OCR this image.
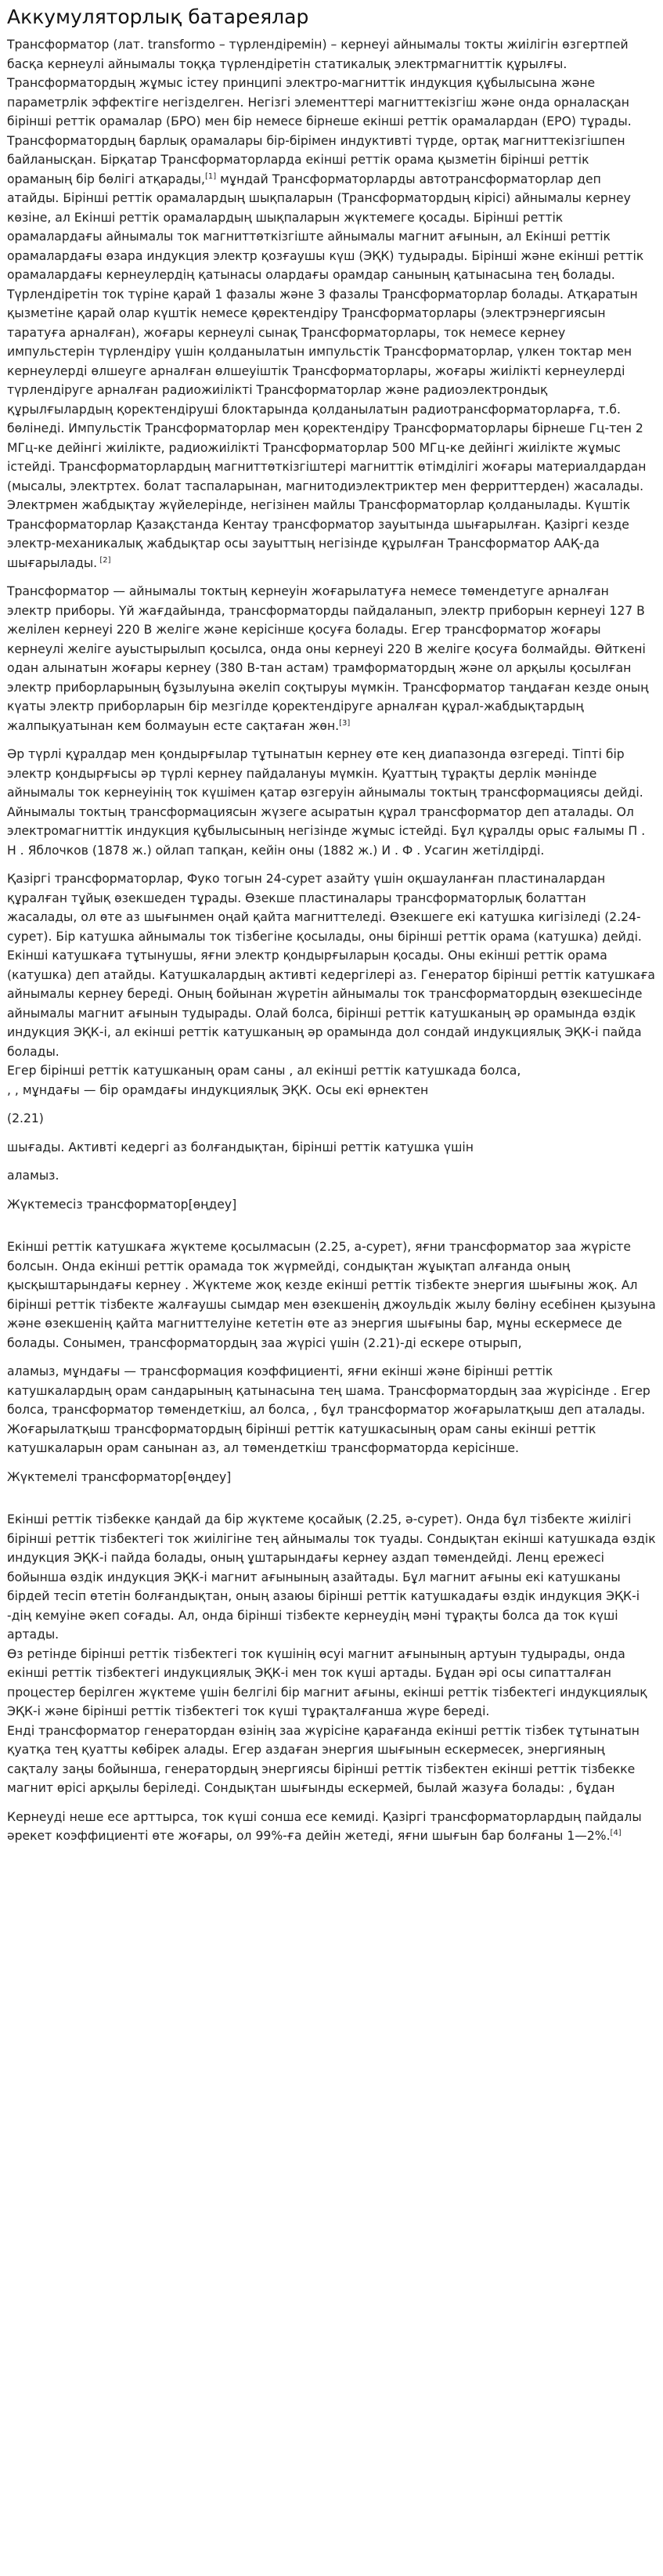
Аккумуляторлық батареялар

Трансформатор (лат. transformo – түрлендіремін) – кернеуі айнымалы токты жиілігін өзгертпей басқа кернеулі айнымалы тоққа түрлендіретін статикалық электрмагниттік құрылғы. Трансформатордың жұмыс істеу принципі электро-магниттік индукция құбылысына және параметрлік эффектіге негізделген. Негізгі элементтері магниттекізгіш және онда орналасқан бірінші реттік орамалар (БРО) мен бір немесе бірнеше екінші реттік орамалардан (ЕРО) тұрады. Трансформатордың барлық орамалары бір-бірімен индуктивті түрде, ортақ магниттекізгішпен байланысқан. Бірқатар Трансформаторларда екінші реттік орама қызметін бірінші реттік ораманың бір бөлігі атқарады,[1] мұндай Трансформаторларды автотрансформаторлар деп атайды. Бірінші реттік орамалардың шықпаларын (Трансформатордың кірісі) айнымалы кернеу көзіне, ал Екінші реттік орамалардың шықпаларын жүктемеге қосады. Бірінші реттік орамалардағы айнымалы ток магниттөткізгіште айнымалы магнит ағынын, ал Екінші реттік орамалардағы өзара индукция электр қозғаушы күш (ЭҚК) тудырады. Бірінші және екінші реттік орамалардағы кернеулердің қатынасы олардағы орамдар санының қатынасына тең болады. Түрлендіретін ток түріне қарай 1 фазалы және 3 фазалы Трансформаторлар болады. Атқаратын қызметіне қарай олар күштік немесе қөректендіру Трансформаторлары (электрэнергиясын таратуға арналған), жоғары кернеулі сынақ Трансформаторлары, ток немесе кернеу импульстерін түрлендіру үшін қолданылатын импульстік Трансформаторлар, үлкен токтар мен кернеулерді өлшеуге арналған өлшеуіштік Трансформаторлары, жоғары жиілікті кернеулерді түрлендіруге арналған радиожиілікті Трансформаторлар және радиоэлектрондық құрылғылардың қоректендіруші блоктарында қолданылатын радиотрансформаторларға, т.б. бөлінеді. Импульстік Трансформаторлар мен қоректендіру Трансформаторлары бірнеше Гц-тен 2 МГц-ке дейінгі жиілікте, радиожиілікті Трансформаторлар 500 МГц-ке дейінгі жиілікте жұмыс істейді. Трансформаторлардың магниттөткізгіштері магниттік өтімділігі жоғары материалдардан (мысалы, электртех. болат таспаларынан, магнитодиэлектриктер мен ферриттерден) жасалады. Электрмен жабдықтау жүйелерінде, негізінен майлы Трансформаторлар қолданылады. Күштік Трансформаторлар Қазақстанда Кентау трансформатор зауытында шығарылған. Қазіргі кезде электр-механикалық жабдықтар осы зауыттың негізінде құрылған Трансформатор ААҚ-да шығарылады. [2]

Трансформатор — айнымалы токтың кернеуін жоғарылатуға немесе төмендетуге арналған электр приборы. Үй жағдайында, трансформаторды пайдаланып, электр приборын кернеуі 127 В желілен кернеуі 220 В желіге және керісінше қосуға болады. Егер трансформатор жоғары кернеулі желіге ауыстырылып қосылса, онда оны кернеуі 220 В желіге қосуға болмайды. Өйткені одан алынатын жоғары кернеу (380 В-тан астам) трамформатордың және ол арқылы қосылған электр приборларының бұзылуына әкеліп соқтыруы мүмкін. Трансформатор таңдаған кезде оның күаты электр приборларын бір мезгілде қоректендіруге арналған құрал-жабдықтардың жалпықуатынан кем болмауын есте сақтаған жөн.[3]

Әр түрлі құралдар мен қондырғылар тұтынатын кернеу өте кең диапазонда өзгереді. Тіпті бір электр қондырғысы әр түрлі кернеу пайдалануы мүмкін. Қуаттың тұрақты дерлік мәнінде айнымалы ток кернеуінің ток күшімен қатар өзгеруін айнымалы токтың трансформациясы дейді. Айнымалы токтың трансформациясын жүзеге асыратын құрал трансформатор деп аталады. Ол электромагниттік индукция құбылысының негізінде жұмыс істейді. Бұл құралды орыс ғалымы П . Н . Яблочков (1878 ж.) ойлап тапқан, кейін оны (1882 ж.) И . Ф . Усагин жетілдірді.

Қазіргі трансформаторлар, Фуко тогын 24-сурет азайту үшін оқшауланған пластиналардан құралған тұйық өзекшеден тұрады. Өзекше пластиналары трансформаторлық болаттан жасалады, ол өте аз шығынмен оңай қайта магниттеледі. Өзекшеге екі катушка кигізіледі (2.24-сурет). Бір катушка айнымалы ток тізбегіне қосылады, оны бірінші реттік орама (катушка) дейді. Екінші катушкаға тұтынушы, яғни электр қондырғыларын қосады. Оны екінші реттік орама (катушка) деп атайды. Катушкалардың активті кедергілері аз. Генератор бірінші реттік катушкаға айнымалы кернеу береді. Оның бойынан жүретін айнымалы ток трансформатордың өзекшесінде айнымалы магнит ағынын тудырады. Олай болса, бірінші реттік катушканың әр орамында өздік индукция ЭҚК-і, ал екінші реттік катушканың әр орамында дол сондай индукциялық ЭҚК-і пайда болады.

Егер бірінші реттік катушканың орам саны , ал екінші реттік катушкада болса,

, , мұндағы — бір орамдағы индукциялық ЭҚК. Осы екі өрнектен

(2.21)

шығады. Активті кедергі аз болғандықтан, бірінші реттік катушка үшін

аламыз.

Жүктемесіз трансформатор[өңдеу]

Екінші реттік катушкаға жүктеме қосылмасын (2.25, а-сурет), яғни трансформатор заа жүрісте болсын. Онда екінші реттік орамада ток жүрмейді, сондықтан жұықтап алғанда оның қысқыштарындағы кернеу . Жүктеме жоқ кезде екінші реттік тізбекте энергия шығыны жоқ. Ал бірінші реттік тізбекте жалғаушы сымдар мен өзекшенің джоульдік жылу бөліну есебінен қызуына және өзекшенің қайта магниттелуіне кететін өте аз энергия шығыны бар, мұны ескермесе де болады. Сонымен, трансформатордың заа жүрісі үшін (2.21)-ді ескере отырып,

аламыз, мұндағы — трансформация коэффициенті, яғни екінші және бірінші реттік катушкалардың орам сандарының қатынасына тең шама. Трансформатордың заа жүрісінде . Егер болса, трансформатор төмендеткіш, ал болса, , бұл трансформатор жоғарылатқыш деп аталады. Жоғарылатқыш трансформатордың бірінші реттік катушкасының орам саны екінші реттік катушкаларын орам санынан аз, ал төмендеткіш трансформаторда керісінше.

Жүктемелі трансформатор[өңдеу]

Екінші реттік тізбекке қандай да бір жүктеме қосайық (2.25, ә-сурет). Онда бұл тізбекте жиілігі бірінші реттік тізбектегі ток жиілігіне тең айнымалы ток туады. Сондықтан екінші катушкада өздік индукция ЭҚК-і пайда болады, оның ұштарындағы кернеу аздап төмендейді. Ленц ережесі бойынша өздік индукция ЭҚК-і магнит ағынының азайтады. Бұл магнит ағыны екі катушканы бірдей тесіп өтетін болғандықтан, оның азаюы бірінші реттік катушкадағы өздік индукция ЭҚК-і -дің кемуіне әкеп соғады. Ал, онда бірінші тізбекте кернеудің мәні тұрақты болса да ток күші артады.

Өз ретінде бірінші реттік тізбектегі ток күшінің өсуі магнит ағынының артуын тудырады, онда екінші реттік тізбектегі индукциялық ЭҚК-і мен ток күші артады. Бұдан әрі осы сипатталған процестер берілген жүктеме үшін белгілі бір магнит ағыны, екінші реттік тізбектегі индукциялық ЭҚК-і және бірінші реттік тізбектегі ток күші тұрақталғанша жүре береді.

Енді трансформатор генератордан өзінің заа жүрісіне қарағанда екінші реттік тізбек тұтынатын қуатқа тең қуатты көбірек алады. Егер аздаған энергия шығынын ескермесек, энергияның сақталу заңы бойынша, генератордың энергиясы бірінші реттік тізбектен екінші реттік тізбекке магнит өрісі арқылы беріледі. Сондықтан шығынды ескермей, былай жазуға болады: , бұдан

Кернеуді неше есе арттырса, ток күші сонша есе кемиді. Қазіргі трансформаторлардың пайдалы әрекет коэффициенті өте жоғары, ол 99%-ға дейін жетеді, яғни шығын бар болғаны 1—2%.[4]
